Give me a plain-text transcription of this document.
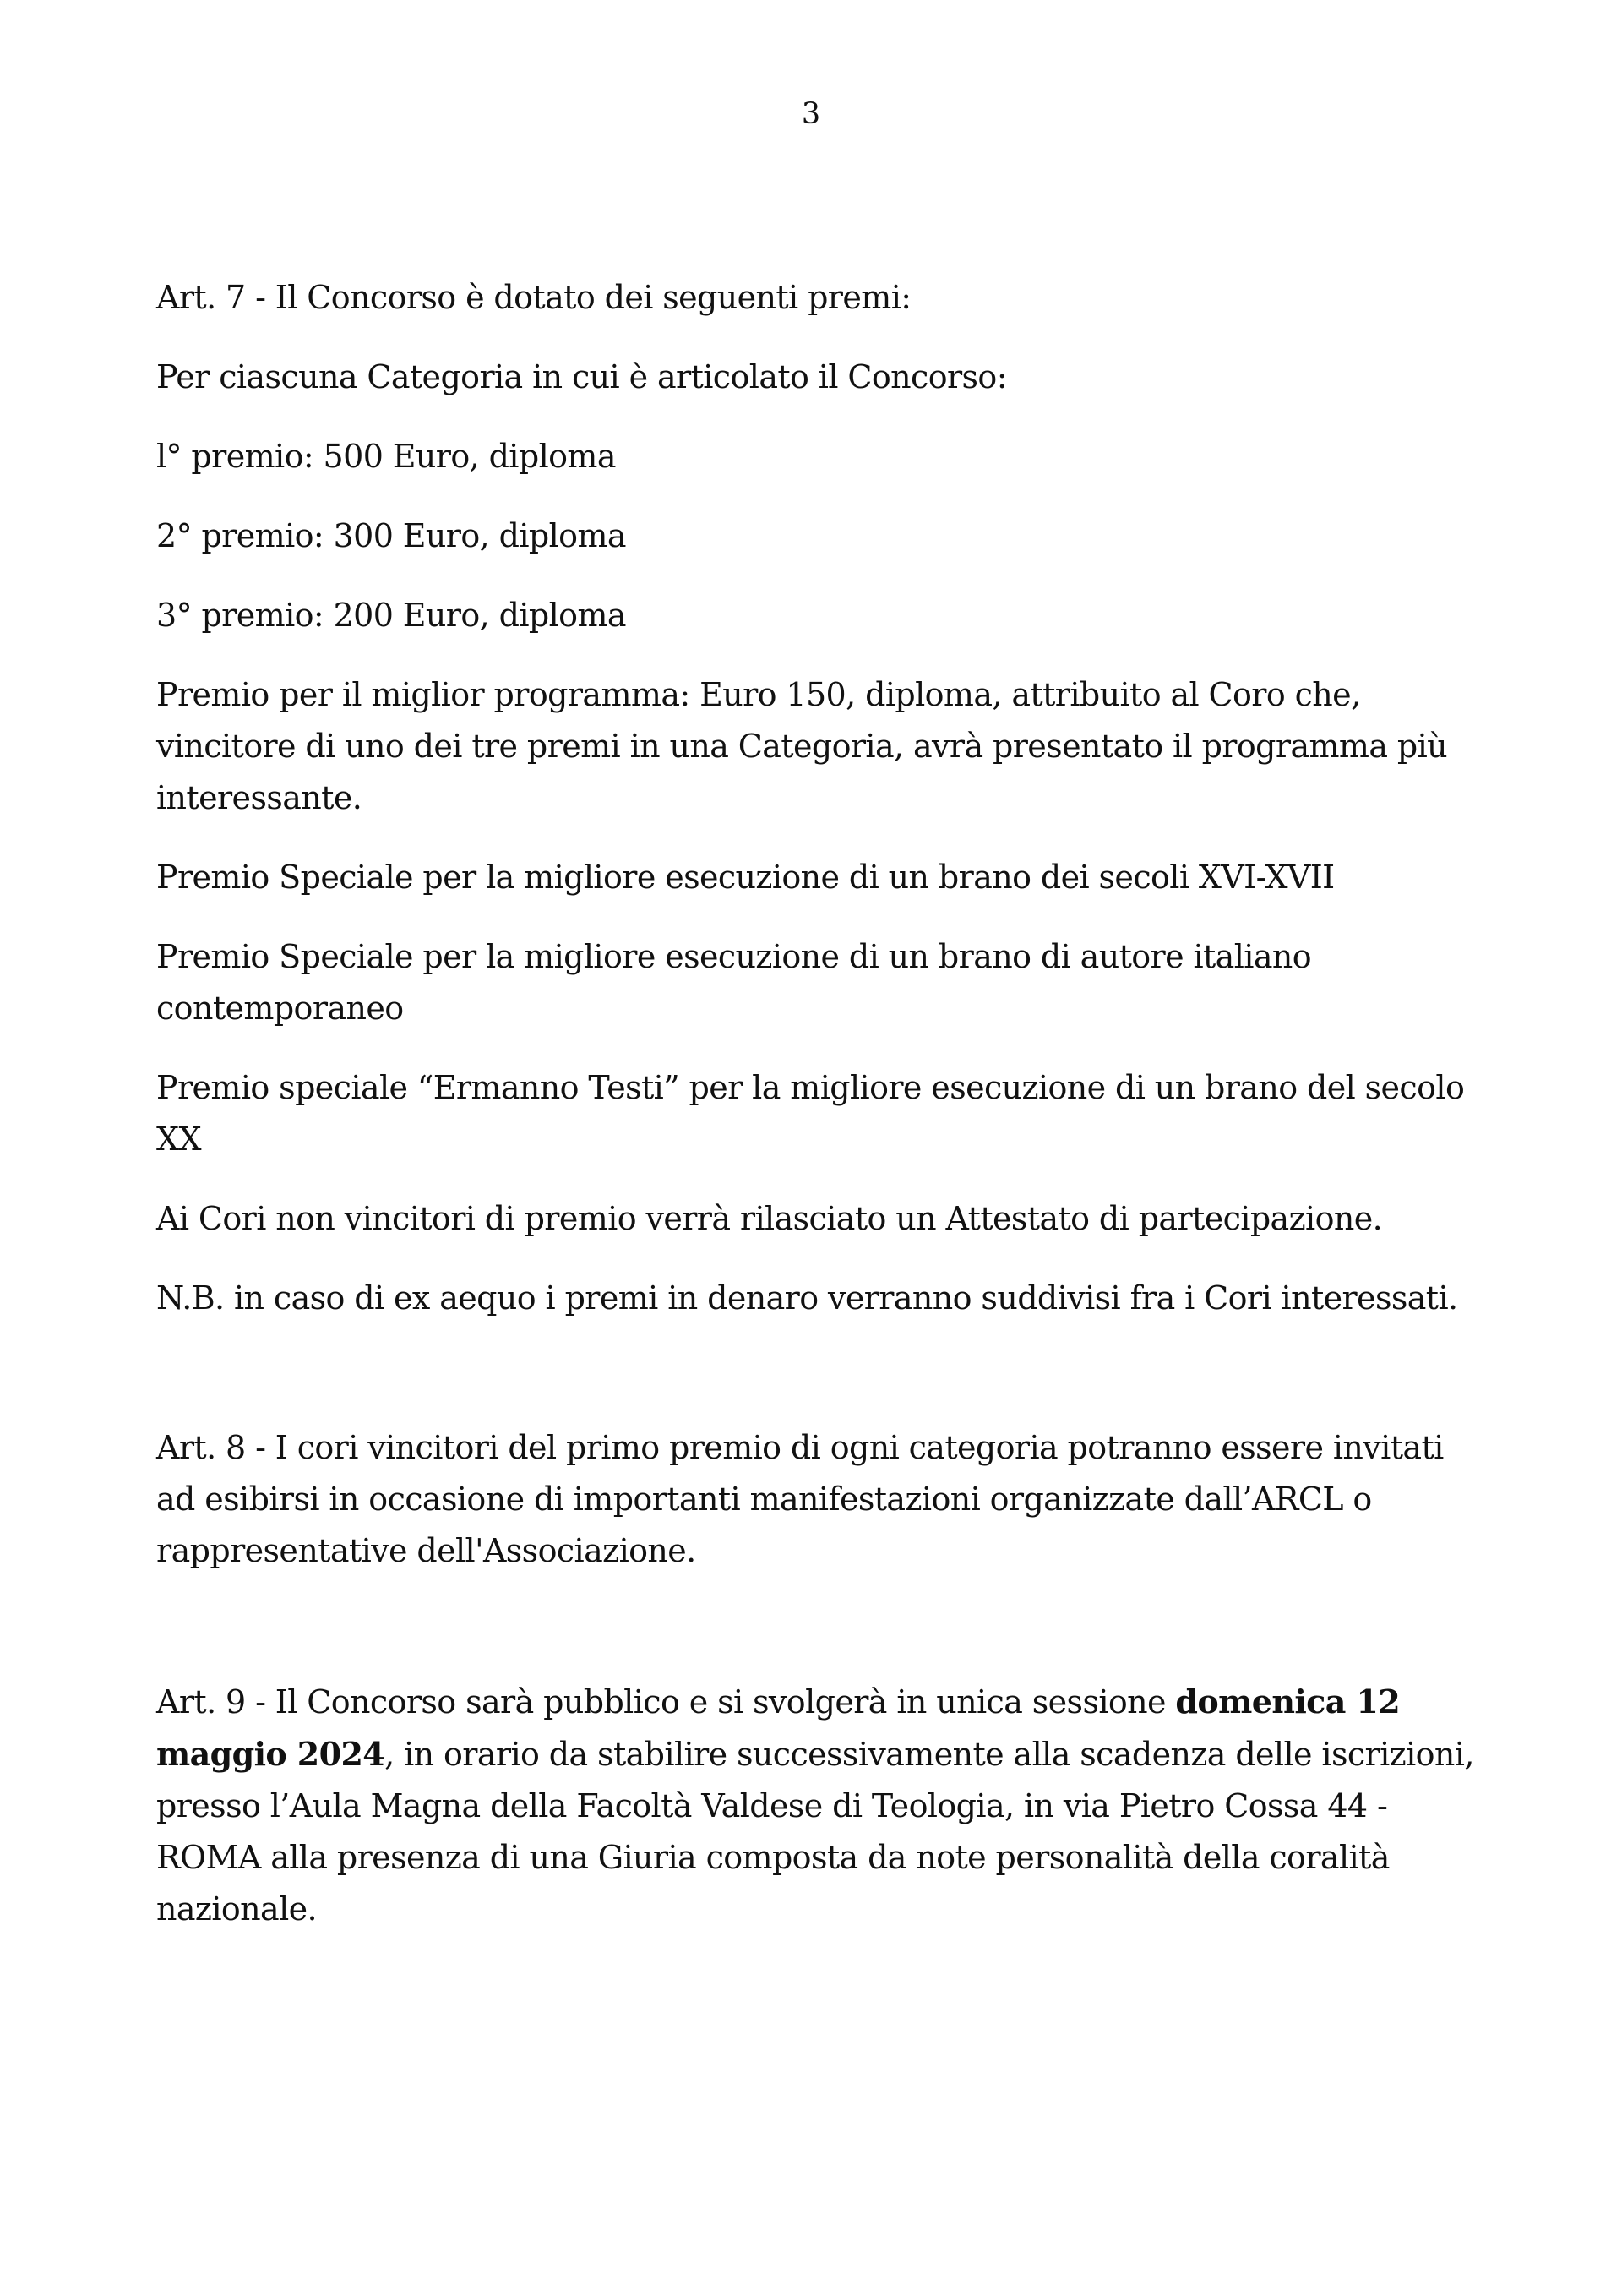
3

Art. 7 - Il Concorso è dotato dei seguenti premi:

Per ciascuna Categoria in cui è articolato il Concorso:

l° premio: 500 Euro, diploma

2° premio: 300 Euro, diploma

3° premio: 200 Euro, diploma

Premio per il miglior programma: Euro 150, diploma, attribuito al Coro che, vincitore di uno dei tre premi in una Categoria, avrà presentato il programma più interessante.

Premio Speciale per la migliore esecuzione di un brano dei secoli XVI-XVII

Premio Speciale per la migliore esecuzione di un brano di autore italiano contemporaneo

Premio speciale “Ermanno Testi” per la migliore esecuzione di un brano del secolo XX

Ai Cori non vincitori di premio verrà rilasciato un Attestato di partecipazione.

N.B. in caso di ex aequo i premi in denaro verranno suddivisi fra i Cori interessati.

Art. 8 - I cori vincitori del primo premio di ogni categoria potranno essere invitati ad esibirsi in occasione di importanti manifestazioni organizzate dall’ARCL o rappresentative dell'Associazione.

Art. 9 - Il Concorso sarà pubblico e si svolgerà in unica sessione domenica 12 maggio 2024, in orario da stabilire successivamente alla scadenza delle iscrizioni, presso l’Aula Magna della Facoltà Valdese di Teologia, in via Pietro Cossa 44 - ROMA alla presenza di una Giuria composta da note personalità della coralità nazionale.
